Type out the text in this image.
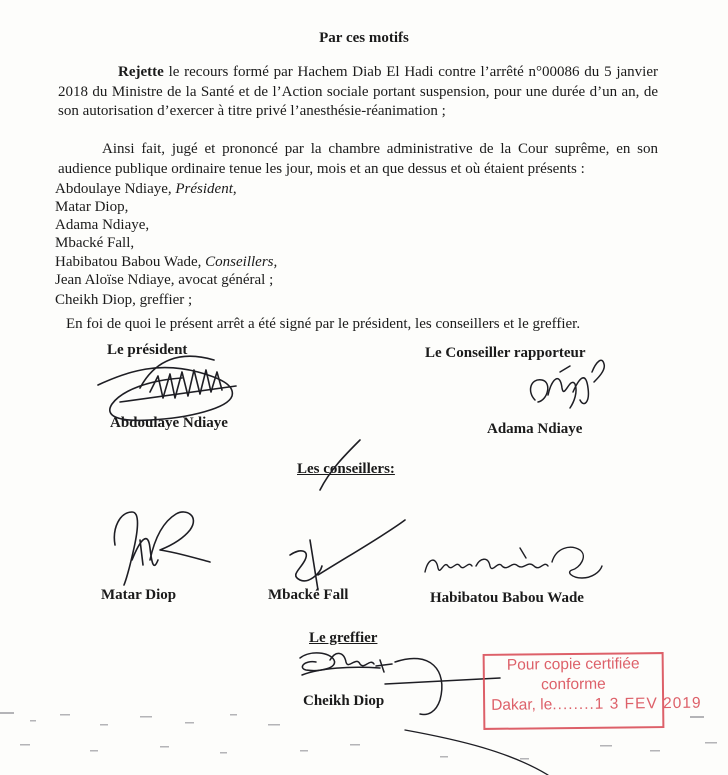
Par ces motifs
Rejette le recours formé par Hachem Diab El Hadi contre l’arrêté n°00086 du 5 janvier 2018 du Ministre de la Santé et de l’Action sociale portant suspension, pour une durée d’un an, de son autorisation d’exercer à titre privé l’anesthésie-réanimation ;
Ainsi fait, jugé et prononcé par la chambre administrative de la Cour suprême, en son audience publique ordinaire tenue les jour, mois et an que dessus et où étaient présents :
Abdoulaye Ndiaye, Président,
Matar Diop,
Adama Ndiaye,
Mbacké Fall,
Habibatou Babou Wade, Conseillers,
Jean Aloïse Ndiaye, avocat général ;
Cheikh Diop, greffier ;
En foi de quoi le présent arrêt a été signé par le président, les conseillers et le greffier.
Le président	Le Conseiller rapporteur
Abdoulaye Ndiaye	Adama Ndiaye
Les conseillers:
Matar Diop	Mbacké Fall	Habibatou Babou Wade
Le greffier
Cheikh Diop
Pour copie certifiée
conforme
Dakar, le........1 3 FEV 2019
